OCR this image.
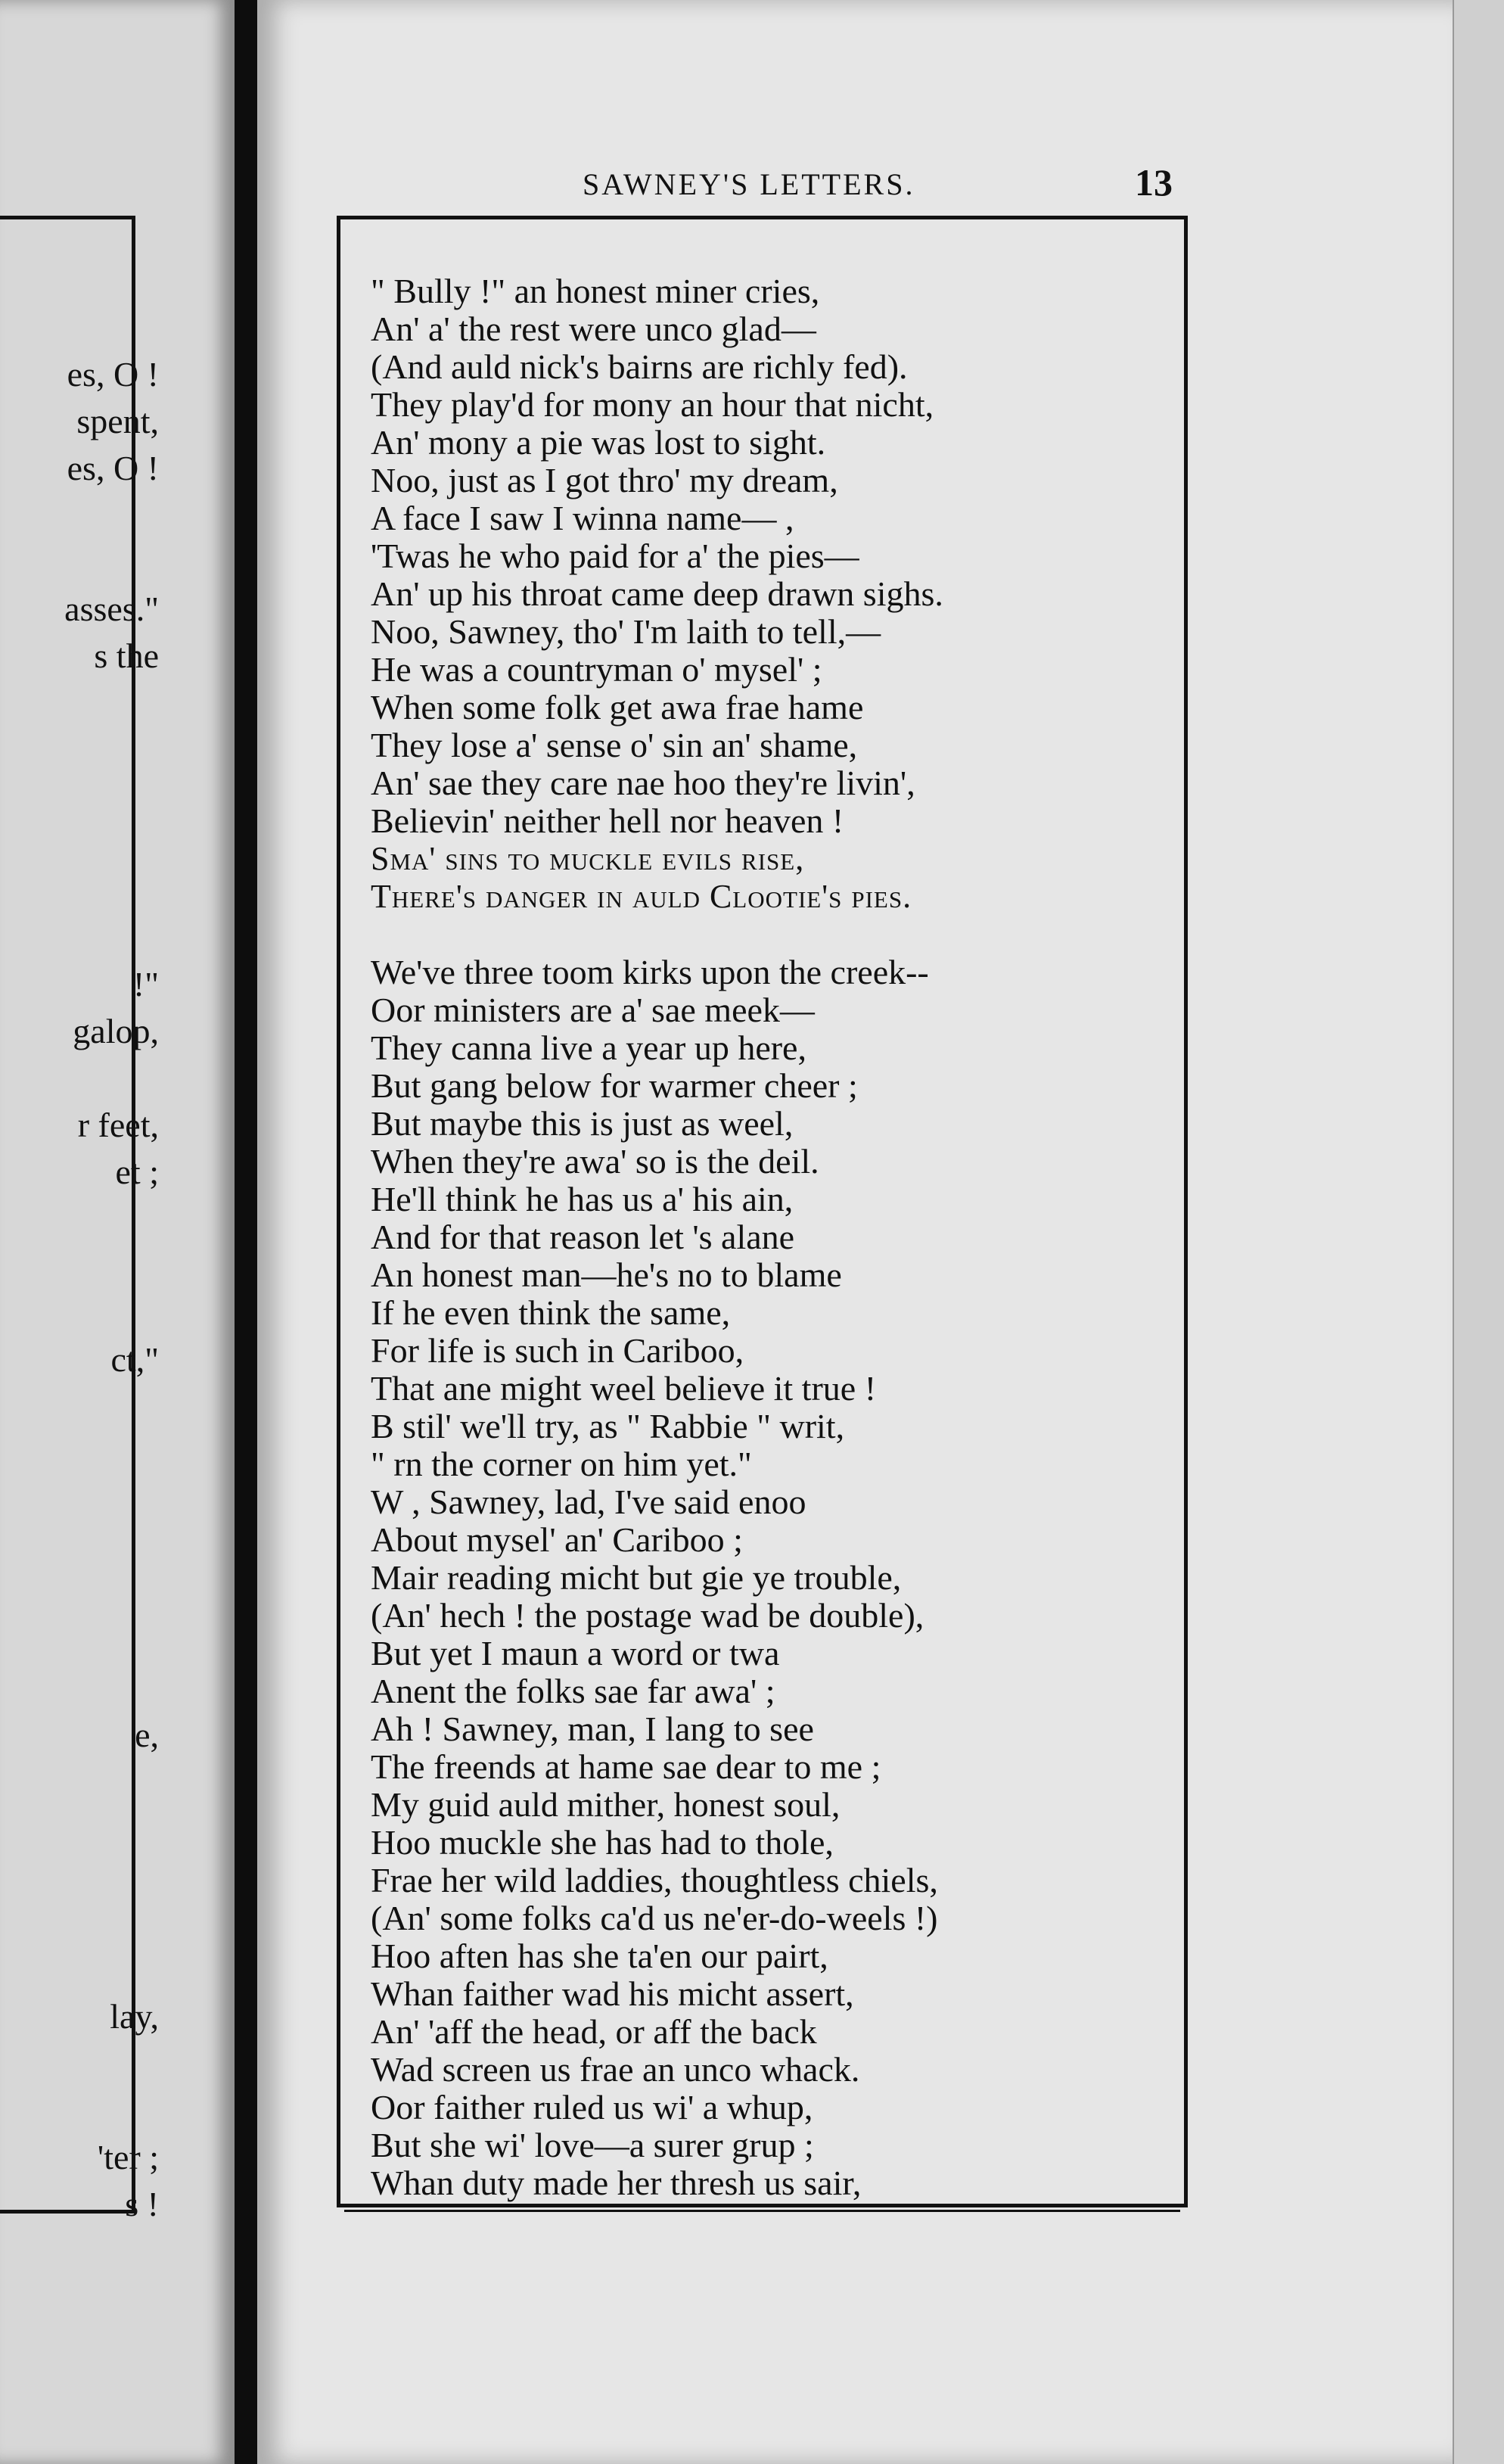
es, O !
spent,
es, O !
asses."
s the
!"
galop,
r feet,
et ;
ct,"
e,
lay,
'ter ;
s !
SAWNEY'S LETTERS.	13
" Bully !" an honest miner cries,
An' a' the rest were unco glad—
(And auld nick's bairns are richly fed).
They play'd for mony an hour that nicht,
An' mony a pie was lost to sight.
Noo, just as I got thro' my dream,
A face I saw I winna name— ,
'Twas he who paid for a' the pies—
An' up his throat came deep drawn sighs.
Noo, Sawney, tho' I'm laith to tell,—
He was a countryman o' mysel' ;
When some folk get awa frae hame
They lose a' sense o' sin an' shame,
An' sae they care nae hoo they're livin',
Believin' neither hell nor heaven !
Sma' sins to muckle evils rise,
There's danger in auld Clootie's pies.
We've three toom kirks upon the creek--
Oor ministers are a' sae meek—
They canna live a year up here,
But gang below for warmer cheer ;
But maybe this is just as weel,
When they're awa' so is the deil.
He'll think he has us a' his ain,
And for that reason let 's alane
An honest man—he's no to blame
If he even think the same,
For life is such in Cariboo,
That ane might weel believe it true !
B stil' we'll try, as " Rabbie " writ,
" rn the corner on him yet."
W , Sawney, lad, I've said enoo
About mysel' an' Cariboo ;
Mair reading micht but gie ye trouble,
(An' hech ! the postage wad be double),
But yet I maun a word or twa
Anent the folks sae far awa' ;
Ah ! Sawney, man, I lang to see
The freends at hame sae dear to me ;
My guid auld mither, honest soul,
Hoo muckle she has had to thole,
Frae her wild laddies, thoughtless chiels,
(An' some folks ca'd us ne'er-do-weels !)
Hoo aften has she ta'en our pairt,
Whan faither wad his micht assert,
An' 'aff the head, or aff the back
Wad screen us frae an unco whack.
Oor faither ruled us wi' a whup,
But she wi' love—a surer grup ;
Whan duty made her thresh us sair,
